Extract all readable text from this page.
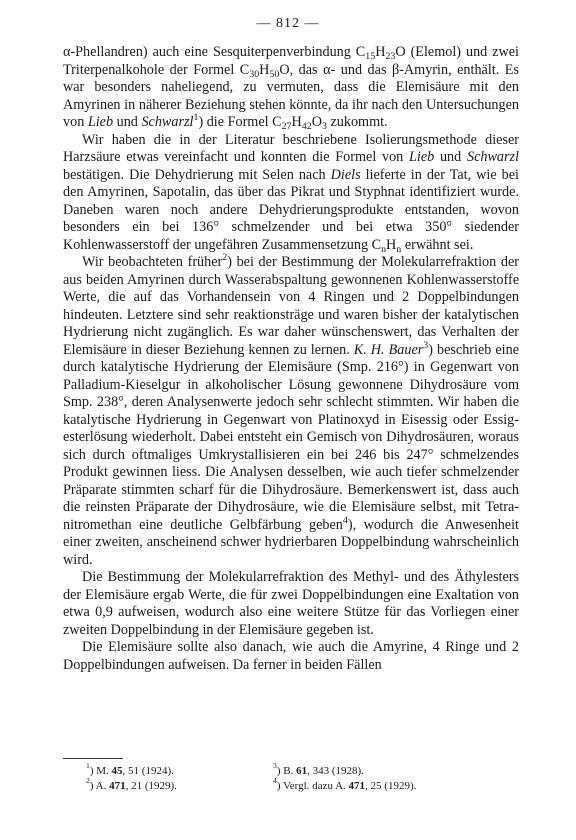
— 812 —

α-Phellandren) auch eine Sesquiterpenverbindung $C_{15}H_{23}O$ (Elemol) und zwei Triterpenalkohole der Formel $C_{30}H_{50}O$, das α- und das β-Amyrin, enthält. Es war besonders naheliegend, zu vermuten, dass die Elemisäure mit den Amyrinen in näherer Beziehung stehen könnte, da ihr nach den Untersuchungen von Lieb und Schwarzl$^1$) die Formel $C_{27}H_{42}O_3$ zukommt.

Wir haben die in der Literatur beschriebene Isolierungsmethode dieser Harzsäure etwas vereinfacht und konnten die Formel von Lieb und Schwarzl bestätigen. Die Dehydrierung mit Selen nach Diels lieferte in der Tat, wie bei den Amyrinen, Sapotalin, das über das Pikrat und Styphnat identifiziert wurde. Daneben waren noch andere Dehydrierungsprodukte entstanden, wovon besonders ein bei 136° schmelzender und bei etwa 350° siedender Kohlenwasserstoff der ungefähren Zusammensetzung $C_nH_n$ erwähnt sei.

Wir beobachteten früher$^2$) bei der Bestimmung der Molekularrefraktion der aus beiden Amyrinen durch Wasserabspaltung gewonnenen Kohlenwasserstoffe Werte, die auf das Vorhandensein von 4 Ringen und 2 Doppelbindungen hindeuten. Letztere sind sehr reaktionsträge und waren bisher der katalytischen Hydrierung nicht zugänglich. Es war daher wünschenswert, das Verhalten der Elemisäure in dieser Beziehung kennen zu lernen. K. H. Bauer$^3$) beschrieb eine durch katalytische Hydrierung der Elemisäure (Smp. 216°) in Gegenwart von Palladium-Kieselgur in alkoholischer Lösung gewonnene Dihydrosäure vom Smp. 238°, deren Analysenwerte jedoch sehr schlecht stimmten. Wir haben die katalytische Hydrierung in Gegenwart von Platinoxyd in Eisessig oder Essigesterlösung wiederholt. Dabei entsteht ein Gemisch von Dihydrosäuren, woraus sich durch oftmaliges Umkrystallisieren ein bei 246 bis 247° schmelzendes Produkt gewinnen liess. Die Analysen desselben, wie auch tiefer schmelzender Präparate stimmten scharf für die Dihydrosäure. Bemerkenswert ist, dass auch die reinsten Präparate der Dihydrosäure, wie die Elemisäure selbst, mit Tetranitromethan eine deutliche Gelbfärbung geben$^4$), wodurch die Anwesenheit einer zweiten, anscheinend schwer hydrierbaren Doppelbindung wahrscheinlich wird.

Die Bestimmung der Molekularrefraktion des Methyl- und des Äthylesters der Elemisäure ergab Werte, die für zwei Doppelbindungen eine Exaltation von etwa 0,9 aufweisen, wodurch also eine weitere Stütze für das Vorliegen einer zweiten Doppelbindung in der Elemisäure gegeben ist.

Die Elemisäure sollte also danach, wie auch die Amyrine, 4 Ringe und 2 Doppelbindungen aufweisen. Da ferner in beiden Fällen

$^1$) M. 45, 51 (1924).	$^3$) B. 61, 343 (1928).
$^2$) A. 471, 21 (1929).	$^4$) Vergl. dazu A. 471, 25 (1929).
